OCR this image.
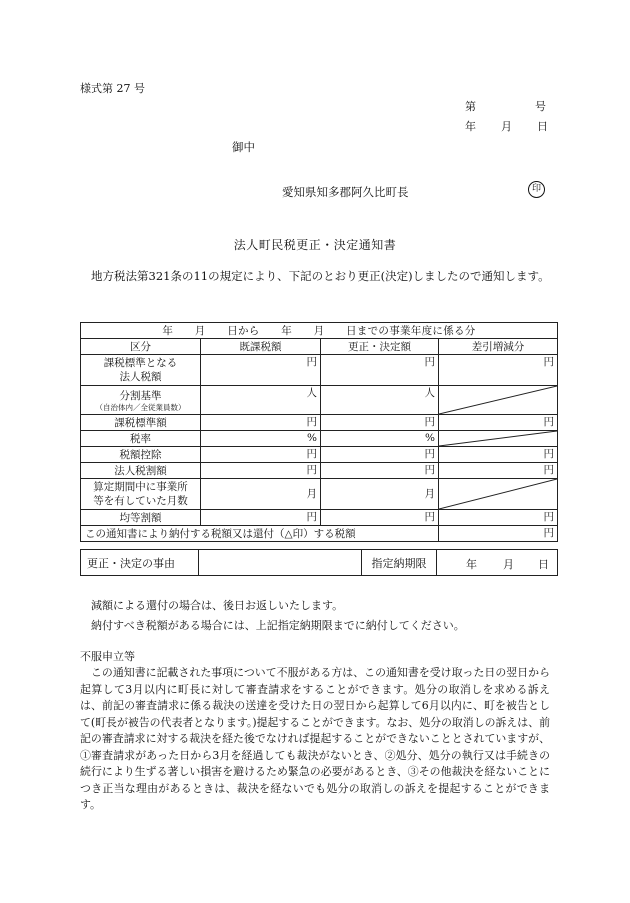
様式第 27 号
第	号
年 月 日
御中
愛知県知多郡阿久比町長	印
法人町民税更正・決定通知書
地方税法第321条の11の規定により、下記のとおり更正(決定)しましたので通知します。
年　　月　　日から　　年　　月　　日までの事業年度に係る分			
区分	既課税額	更正・決定額	差引増減分
課税標準となる
法人税額	円	円	円
分割基準
（自治体内／全従業員数）	人	人	

課税標準額	円	円	円
税率	%	%	

税額控除	円	円	円
法人税割額	円	円	円
算定期間中に事業所
等を有していた月数	月	月	

均等割額	円	円	円
この通知書により納付する税額又は還付（△印）する税額			円
更正・決定の事由		指定納期限	年 月 日
減額による還付の場合は、後日お返しいたします。
納付すべき税額がある場合には、上記指定納期限までに納付してください。
不服申立等
この通知書に記載された事項について不服がある方は、この通知書を受け取った日の翌日から起算して3月以内に町長に対して審査請求をすることができます。処分の取消しを求める訴えは、前記の審査請求に係る裁決の送達を受けた日の翌日から起算して6月以内に、町を被告として(町長が被告の代表者となります。)提起することができます。なお、処分の取消しの訴えは、前記の審査請求に対する裁決を経た後でなければ提起することができないこととされていますが、①審査請求があった日から3月を経過しても裁決がないとき、②処分、処分の執行又は手続きの続行により生ずる著しい損害を避けるため緊急の必要があるとき、③その他裁決を経ないことにつき正当な理由があるときは、裁決を経ないでも処分の取消しの訴えを提起することができます。
